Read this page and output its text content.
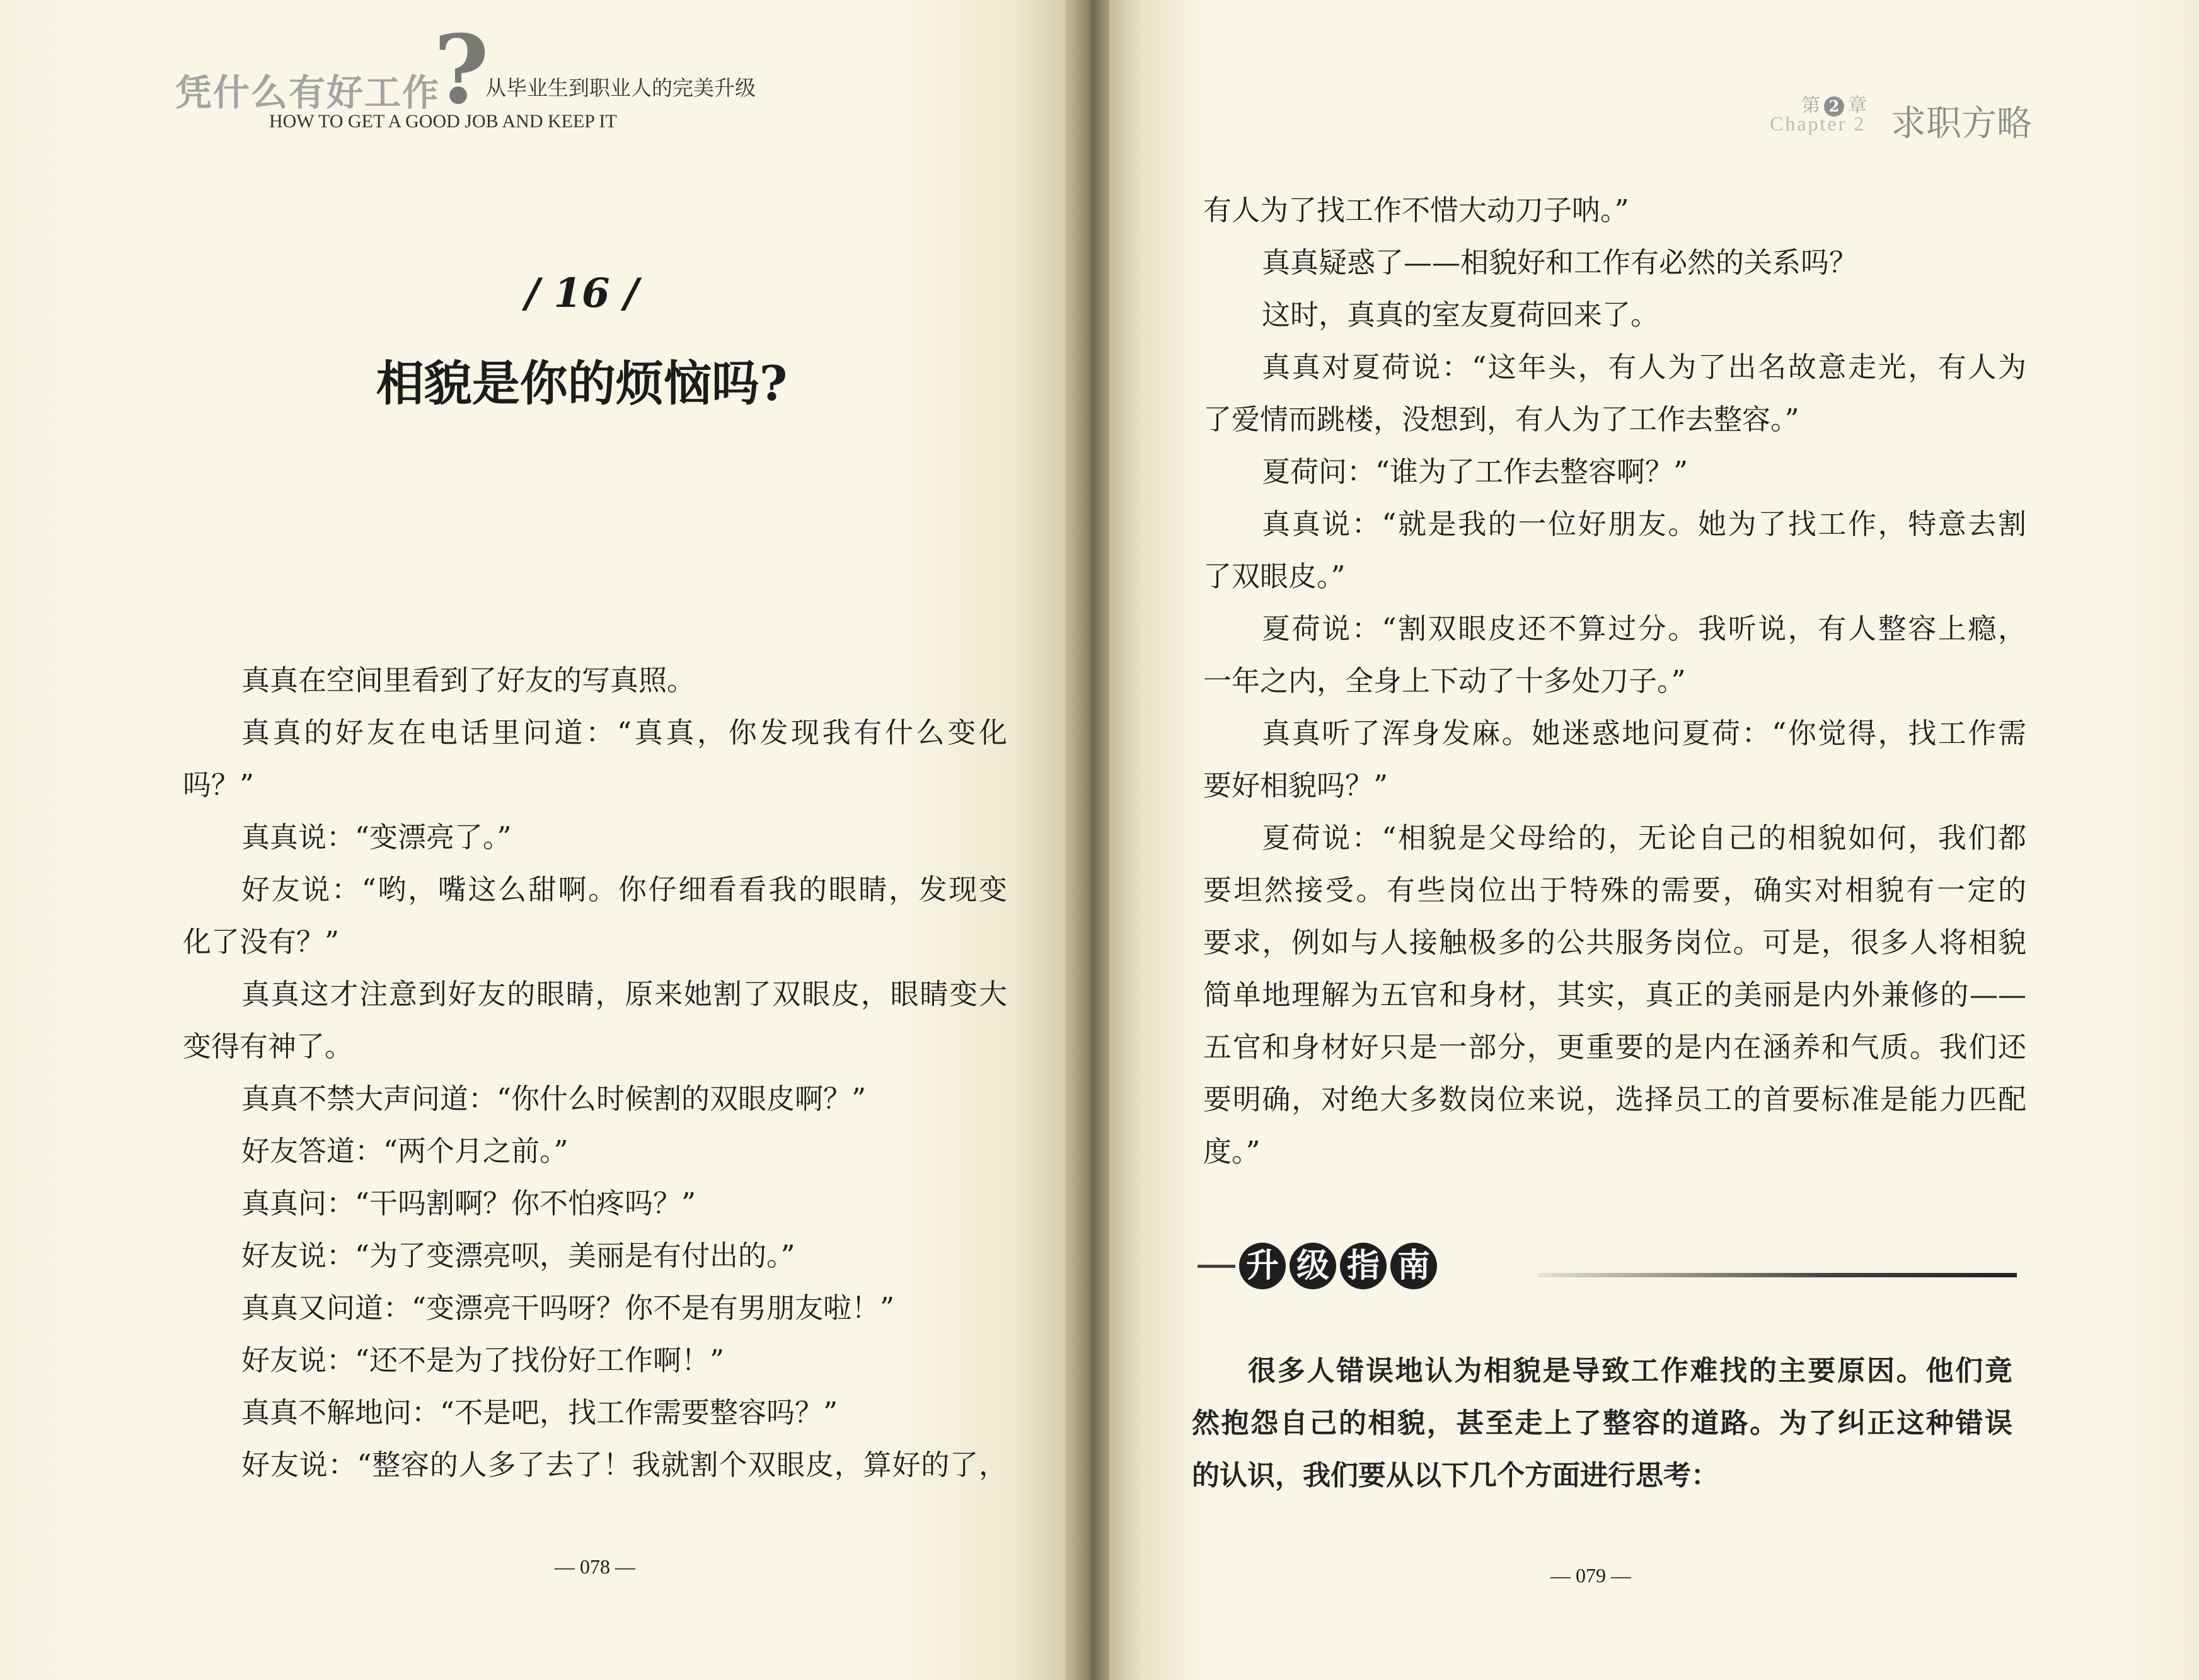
凭什么有好工作
?
从毕业生到职业人的完美升级
HOW TO GET A GOOD JOB AND KEEP IT
/ 16 /
相貌是你的烦恼吗?
真真在空间里看到了好友的写真照。
真真的好友在电话里问道：“真真，你发现我有什么变化
吗？”
真真说：“变漂亮了。”
好友说：“哟，嘴这么甜啊。你仔细看看我的眼睛，发现变
化了没有？”
真真这才注意到好友的眼睛，原来她割了双眼皮，眼睛变大
变得有神了。
真真不禁大声问道：“你什么时候割的双眼皮啊？”
好友答道：“两个月之前。”
真真问：“干吗割啊？你不怕疼吗？”
好友说：“为了变漂亮呗，美丽是有付出的。”
真真又问道：“变漂亮干吗呀？你不是有男朋友啦！”
好友说：“还不是为了找份好工作啊！”
真真不解地问：“不是吧，找工作需要整容吗？”
好友说：“整容的人多了去了！我就割个双眼皮，算好的了，
— 078 —
第 2 章
Chapter 2 求职方略
有人为了找工作不惜大动刀子呐。”
真真疑惑了——相貌好和工作有必然的关系吗？
这时，真真的室友夏荷回来了。
真真对夏荷说：“这年头，有人为了出名故意走光，有人为
了爱情而跳楼，没想到，有人为了工作去整容。”
夏荷问：“谁为了工作去整容啊？”
真真说：“就是我的一位好朋友。她为了找工作，特意去割
了双眼皮。”
夏荷说：“割双眼皮还不算过分。我听说，有人整容上瘾，
一年之内，全身上下动了十多处刀子。”
真真听了浑身发麻。她迷惑地问夏荷：“你觉得，找工作需
要好相貌吗？”
夏荷说：“相貌是父母给的，无论自己的相貌如何，我们都
要坦然接受。有些岗位出于特殊的需要，确实对相貌有一定的
要求，例如与人接触极多的公共服务岗位。可是，很多人将相貌
简单地理解为五官和身材，其实，真正的美丽是内外兼修的——
五官和身材好只是一部分，更重要的是内在涵养和气质。我们还
要明确，对绝大多数岗位来说，选择员工的首要标准是能力匹配
度。”
升 级 指 南
很多人错误地认为相貌是导致工作难找的主要原因。他们竟
然抱怨自己的相貌，甚至走上了整容的道路。为了纠正这种错误
的认识，我们要从以下几个方面进行思考：
— 079 —
